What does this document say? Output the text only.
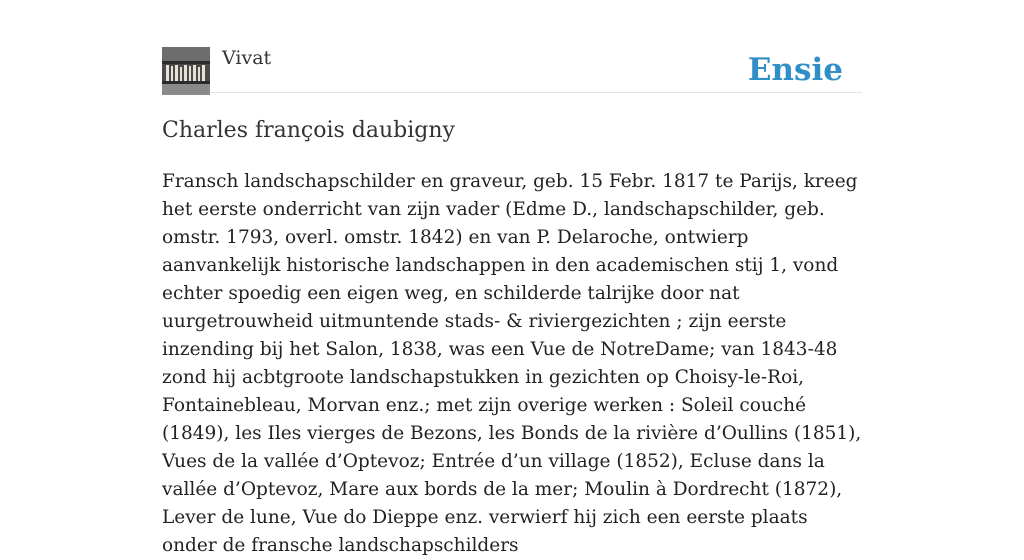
Vivat	Ensie
Charles françois daubigny

Fransch landschapschilder en graveur, geb. 15 Febr. 1817 te Parijs, kreeg het eerste onderricht van zijn vader (Edme D., landschapschilder, geb. omstr. 1793, overl. omstr. 1842) en van P. Delaroche, ontwierp aanvankelijk historische landschappen in den academischen stij 1, vond echter spoedig een eigen weg, en schilderde talrijke door nat uurgetrouwheid uitmuntende stads- & riviergezichten ; zijn eerste inzending bij het Salon, 1838, was een Vue de NotreDame; van 1843-48 zond hij acbtgroote landschapstukken in gezichten op Choisy-le-Roi, Fontainebleau, Morvan enz.; met zijn overige werken : Soleil couché (1849), les Iles vierges de Bezons, les Bonds de la rivière d’Oullins (1851), Vues de la vallée d’Optevoz; Entrée d’un village (1852), Ecluse dans la vallée d’Optevoz, Mare aux bords de la mer; Moulin à Dordrecht (1872), Lever de lune, Vue do Dieppe enz. verwierf hij zich een eerste plaats onder de fransche landschapschilders
